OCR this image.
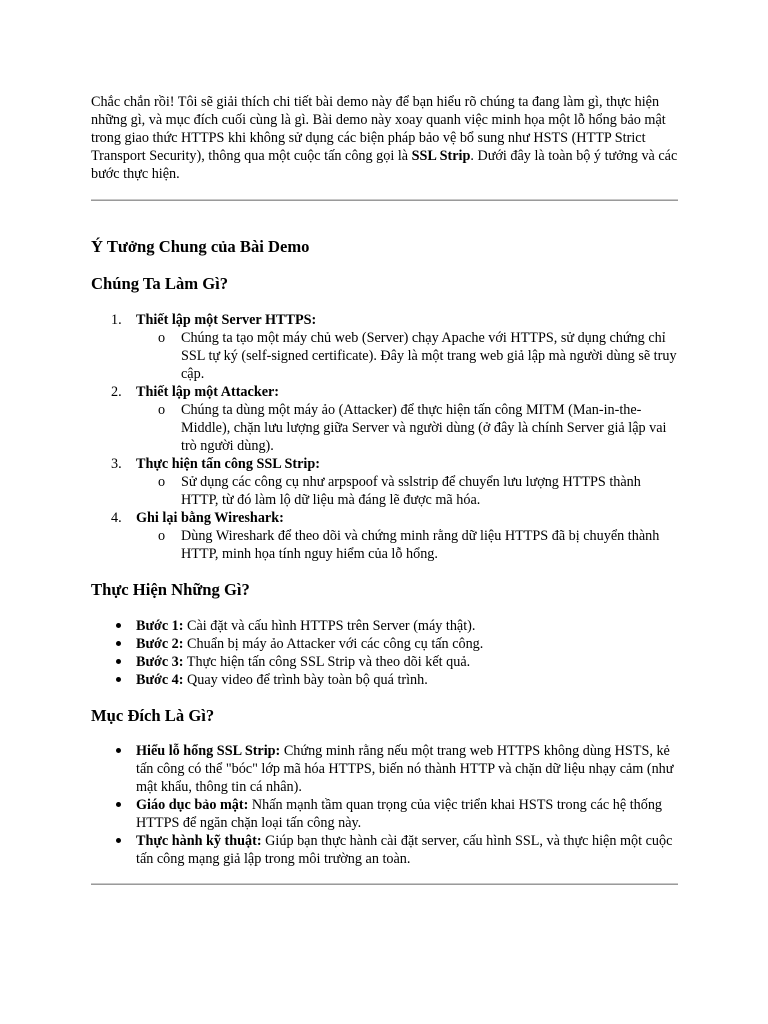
Chắc chắn rồi! Tôi sẽ giải thích chi tiết bài demo này để bạn hiểu rõ chúng ta đang làm gì, thực hiện những gì, và mục đích cuối cùng là gì. Bài demo này xoay quanh việc minh họa một lỗ hổng bảo mật trong giao thức HTTPS khi không sử dụng các biện pháp bảo vệ bổ sung như HSTS (HTTP Strict Transport Security), thông qua một cuộc tấn công gọi là SSL Strip. Dưới đây là toàn bộ ý tưởng và các bước thực hiện.

Ý Tưởng Chung của Bài Demo
Chúng Ta Làm Gì?
1. Thiết lập một Server HTTPS:
o Chúng ta tạo một máy chủ web (Server) chạy Apache với HTTPS, sử dụng chứng chỉ SSL tự ký (self-signed certificate). Đây là một trang web giả lập mà người dùng sẽ truy cập.
2. Thiết lập một Attacker:
o Chúng ta dùng một máy ảo (Attacker) để thực hiện tấn công MITM (Man-in-the-Middle), chặn lưu lượng giữa Server và người dùng (ở đây là chính Server giả lập vai trò người dùng).
3. Thực hiện tấn công SSL Strip:
o Sử dụng các công cụ như arpspoof và sslstrip để chuyển lưu lượng HTTPS thành HTTP, từ đó làm lộ dữ liệu mà đáng lẽ được mã hóa.
4. Ghi lại bằng Wireshark:
o Dùng Wireshark để theo dõi và chứng minh rằng dữ liệu HTTPS đã bị chuyển thành HTTP, minh họa tính nguy hiểm của lỗ hổng.
Thực Hiện Những Gì?
Bước 1: Cài đặt và cấu hình HTTPS trên Server (máy thật).
Bước 2: Chuẩn bị máy ảo Attacker với các công cụ tấn công.
Bước 3: Thực hiện tấn công SSL Strip và theo dõi kết quả.
Bước 4: Quay video để trình bày toàn bộ quá trình.
Mục Đích Là Gì?
Hiểu lỗ hổng SSL Strip: Chứng minh rằng nếu một trang web HTTPS không dùng HSTS, kẻ tấn công có thể "bóc" lớp mã hóa HTTPS, biến nó thành HTTP và chặn dữ liệu nhạy cảm (như mật khẩu, thông tin cá nhân).
Giáo dục bảo mật: Nhấn mạnh tầm quan trọng của việc triển khai HSTS trong các hệ thống HTTPS để ngăn chặn loại tấn công này.
Thực hành kỹ thuật: Giúp bạn thực hành cài đặt server, cấu hình SSL, và thực hiện một cuộc tấn công mạng giả lập trong môi trường an toàn.
